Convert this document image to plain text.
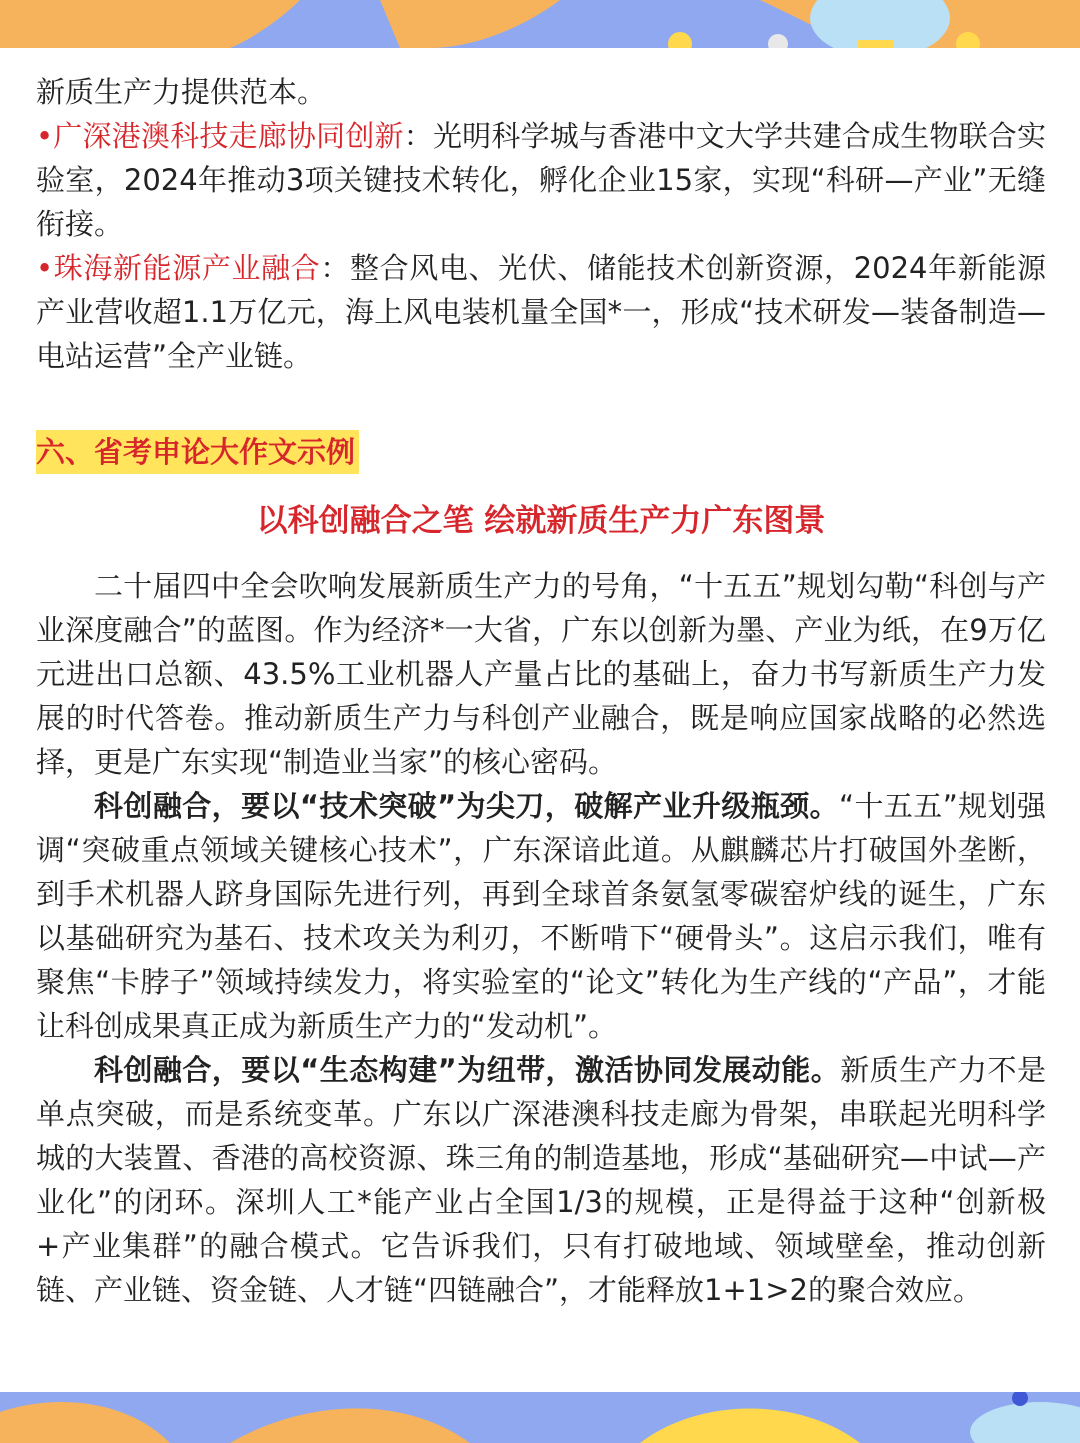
新质生产力提供范本。

•广深港澳科技走廊协同创新：光明科学城与香港中文大学共建合成生物联合实验室，2024年推动3项关键技术转化，孵化企业15家，实现“科研—产业”无缝衔接。

•珠海新能源产业融合：整合风电、光伏、储能技术创新资源，2024年新能源产业营收超1.1万亿元，海上风电装机量全国*一，形成“技术研发—装备制造—电站运营”全产业链。

六、省考申论大作文示例
以科创融合之笔 绘就新质生产力广东图景

二十届四中全会吹响发展新质生产力的号角，“十五五”规划勾勒“科创与产业深度融合”的蓝图。作为经济*一大省，广东以创新为墨、产业为纸，在9万亿元进出口总额、43.5%工业机器人产量占比的基础上，奋力书写新质生产力发展的时代答卷。推动新质生产力与科创产业融合，既是响应国家战略的必然选择，更是广东实现“制造业当家”的核心密码。

科创融合，要以“技术突破”为尖刀，破解产业升级瓶颈。“十五五”规划强调“突破重点领域关键核心技术”，广东深谙此道。从麒麟芯片打破国外垄断，到手术机器人跻身国际先进行列，再到全球首条氨氢零碳窑炉线的诞生，广东以基础研究为基石、技术攻关为利刃，不断啃下“硬骨头”。这启示我们，唯有聚焦“卡脖子”领域持续发力，将实验室的“论文”转化为生产线的“产品”，才能让科创成果真正成为新质生产力的“发动机”。

科创融合，要以“生态构建”为纽带，激活协同发展动能。新质生产力不是单点突破，而是系统变革。广东以广深港澳科技走廊为骨架，串联起光明科学城的大装置、香港的高校资源、珠三角的制造基地，形成“基础研究—中试—产业化”的闭环。深圳人工*能产业占全国1/3的规模，正是得益于这种“创新极+产业集群”的融合模式。它告诉我们，只有打破地域、领域壁垒，推动创新链、产业链、资金链、人才链“四链融合”，才能释放1+1>2的聚合效应。
